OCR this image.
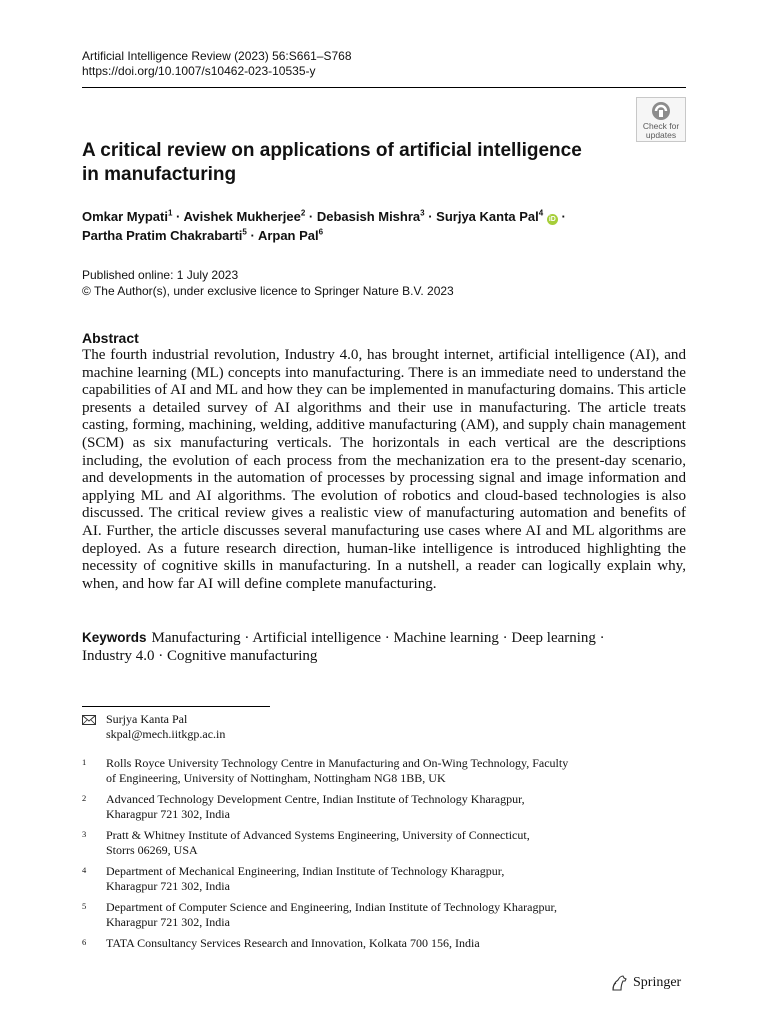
Artificial Intelligence Review (2023) 56:S661–S768
https://doi.org/10.1007/s10462-023-10535-y
Check for
updates
A critical review on applications of artificial intelligence
in manufacturing
Omkar Mypati$^1$ · Avishek Mukherjee$^2$ · Debasish Mishra$^3$ · Surjya Kanta Pal$^4$ iD ·
Partha Pratim Chakrabarti$^5$ · Arpan Pal$^6$
Published online: 1 July 2023
© The Author(s), under exclusive licence to Springer Nature B.V. 2023
Abstract

The fourth industrial revolution, Industry 4.0, has brought internet, artificial intelligence (AI), and machine learning (ML) concepts into manufacturing. There is an immediate need to understand the capabilities of AI and ML and how they can be implemented in manufacturing domains. This article presents a detailed survey of AI algorithms and their use in manufacturing. The article treats casting, forming, machining, welding, additive manufacturing (AM), and supply chain management (SCM) as six manufacturing verticals. The horizontals in each vertical are the descriptions including, the evolution of each process from the mechanization era to the present-day scenario, and developments in the automation of processes by processing signal and image information and applying ML and AI algorithms. The evolution of robotics and cloud-based technologies is also discussed. The critical review gives a realistic view of manufacturing automation and benefits of AI. Further, the article discusses several manufacturing use cases where AI and ML algorithms are deployed. As a future research direction, human-like intelligence is introduced highlighting the necessity of cognitive skills in manufacturing. In a nutshell, a reader can logically explain why, when, and how far AI will define complete manufacturing.

Keywords Manufacturing · Artificial intelligence · Machine learning · Deep learning ·
Industry 4.0 · Cognitive manufacturing
Surjya Kanta Pal
skpal@mech.iitkgp.ac.in
1 Rolls Royce University Technology Centre in Manufacturing and On-Wing Technology, Faculty
of Engineering, University of Nottingham, Nottingham NG8 1BB, UK
2 Advanced Technology Development Centre, Indian Institute of Technology Kharagpur,
Kharagpur 721 302, India
3 Pratt & Whitney Institute of Advanced Systems Engineering, University of Connecticut,
Storrs 06269, USA
4 Department of Mechanical Engineering, Indian Institute of Technology Kharagpur,
Kharagpur 721 302, India
5 Department of Computer Science and Engineering, Indian Institute of Technology Kharagpur,
Kharagpur 721 302, India
6 TATA Consultancy Services Research and Innovation, Kolkata 700 156, India
Springer
